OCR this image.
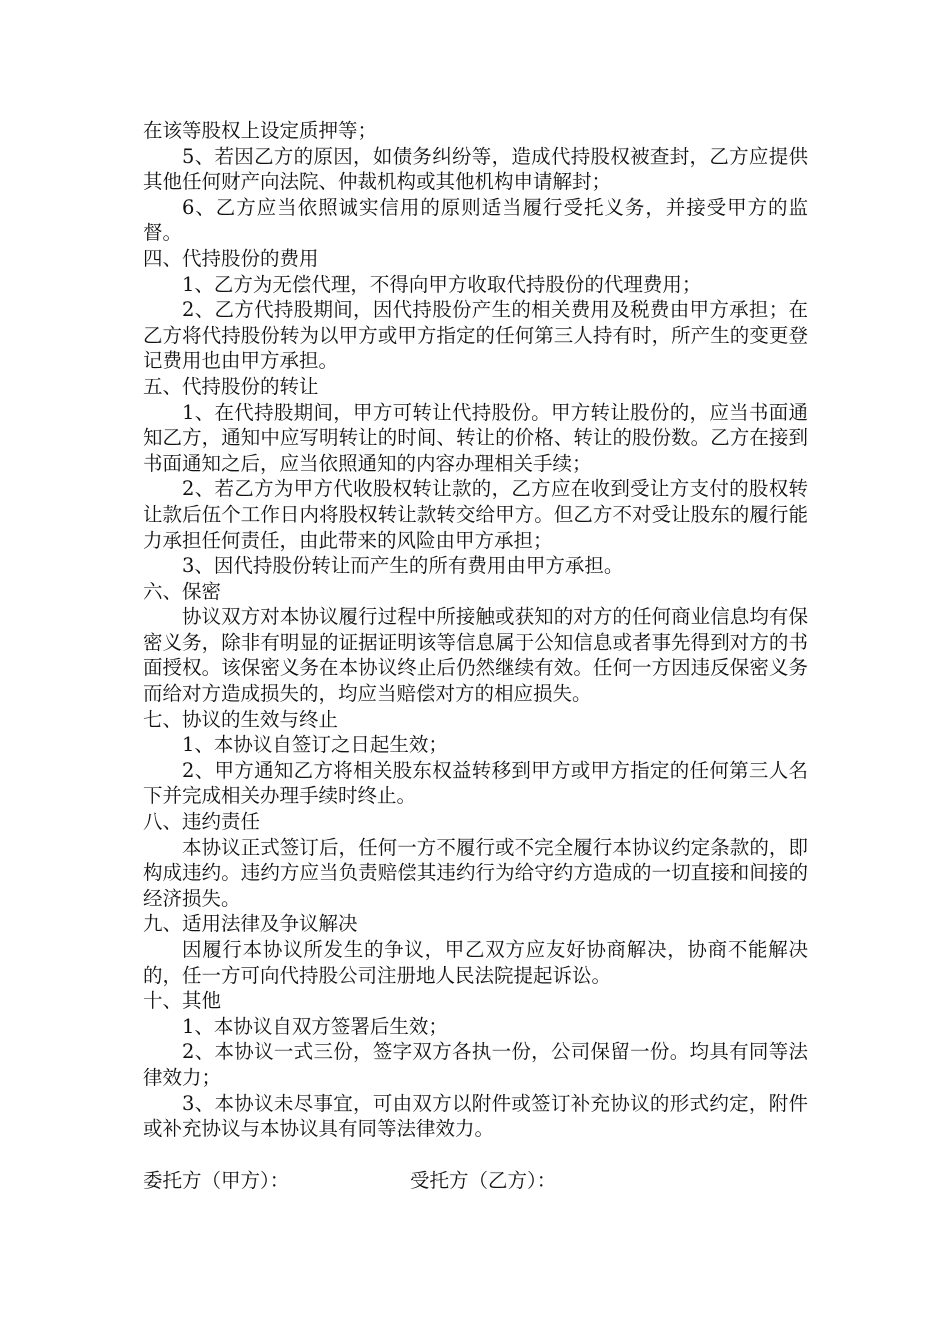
在该等股权上设定质押等；

5、若因乙方的原因，如债务纠纷等，造成代持股权被查封，乙方应提供其他任何财产向法院、仲裁机构或其他机构申请解封；

6、乙方应当依照诚实信用的原则适当履行受托义务，并接受甲方的监督。

四、代持股份的费用

1、乙方为无偿代理，不得向甲方收取代持股份的代理费用；

2、乙方代持股期间，因代持股份产生的相关费用及税费由甲方承担；在乙方将代持股份转为以甲方或甲方指定的任何第三人持有时，所产生的变更登记费用也由甲方承担。

五、代持股份的转让

1、在代持股期间，甲方可转让代持股份。甲方转让股份的，应当书面通知乙方，通知中应写明转让的时间、转让的价格、转让的股份数。乙方在接到书面通知之后，应当依照通知的内容办理相关手续；

2、若乙方为甲方代收股权转让款的，乙方应在收到受让方支付的股权转让款后伍个工作日内将股权转让款转交给甲方。但乙方不对受让股东的履行能力承担任何责任，由此带来的风险由甲方承担；

3、因代持股份转让而产生的所有费用由甲方承担。

六、保密

协议双方对本协议履行过程中所接触或获知的对方的任何商业信息均有保密义务，除非有明显的证据证明该等信息属于公知信息或者事先得到对方的书面授权。该保密义务在本协议终止后仍然继续有效。任何一方因违反保密义务而给对方造成损失的，均应当赔偿对方的相应损失。

七、协议的生效与终止

1、本协议自签订之日起生效；

2、甲方通知乙方将相关股东权益转移到甲方或甲方指定的任何第三人名下并完成相关办理手续时终止。

八、违约责任

本协议正式签订后，任何一方不履行或不完全履行本协议约定条款的，即构成违约。违约方应当负责赔偿其违约行为给守约方造成的一切直接和间接的经济损失。

九、适用法律及争议解决

因履行本协议所发生的争议，甲乙双方应友好协商解决，协商不能解决的，任一方可向代持股公司注册地人民法院提起诉讼。

十、其他

1、本协议自双方签署后生效；

2、本协议一式三份，签字双方各执一份，公司保留一份。均具有同等法律效力；

3、本协议未尽事宜，可由双方以附件或签订补充协议的形式约定，附件或补充协议与本协议具有同等法律效力。

委托方（甲方）：	受托方（乙方）：
